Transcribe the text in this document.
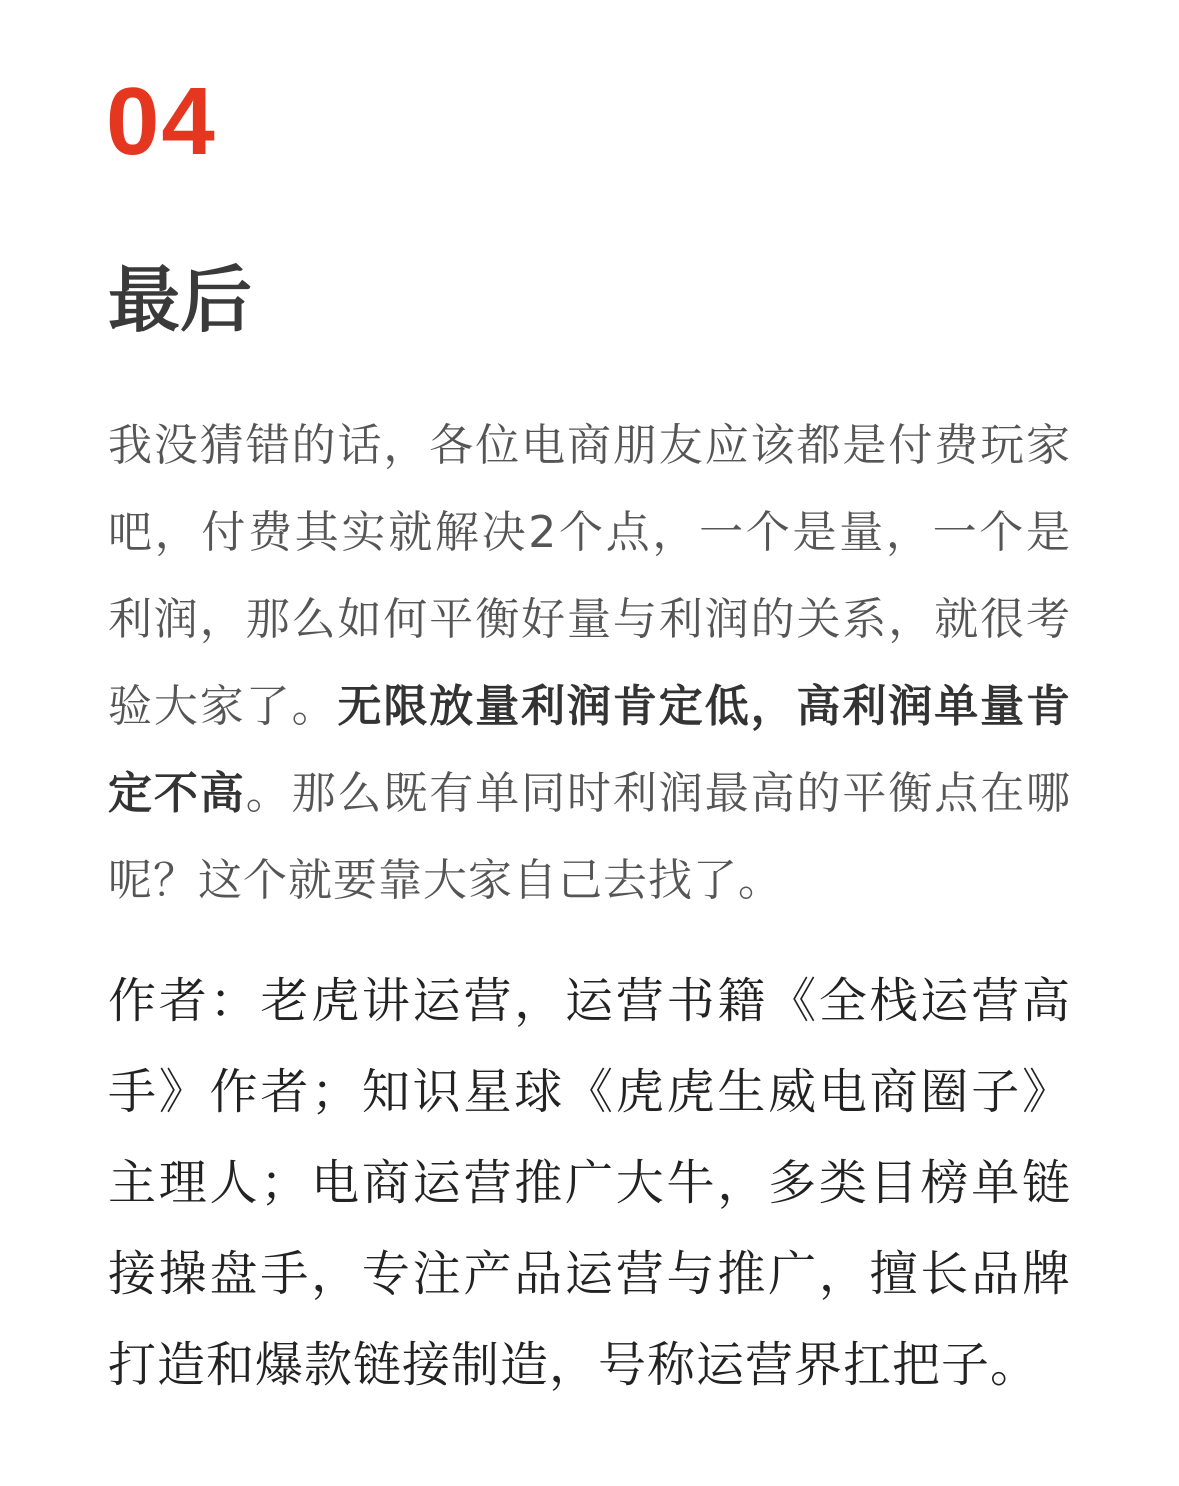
04
最后

我没猜错的话，各位电商朋友应该都是付费玩家吧，付费其实就解决2个点，一个是量，一个是利润，那么如何平衡好量与利润的关系，就很考验大家了。无限放量利润肯定低，高利润单量肯定不高。那么既有单同时利润最高的平衡点在哪呢？这个就要靠大家自己去找了。

作者：老虎讲运营，运营书籍《全栈运营高手》作者；知识星球《虎虎生威电商圈子》主理人；电商运营推广大牛，多类目榜单链接操盘手，专注产品运营与推广，擅长品牌打造和爆款链接制造，号称运营界扛把子。
